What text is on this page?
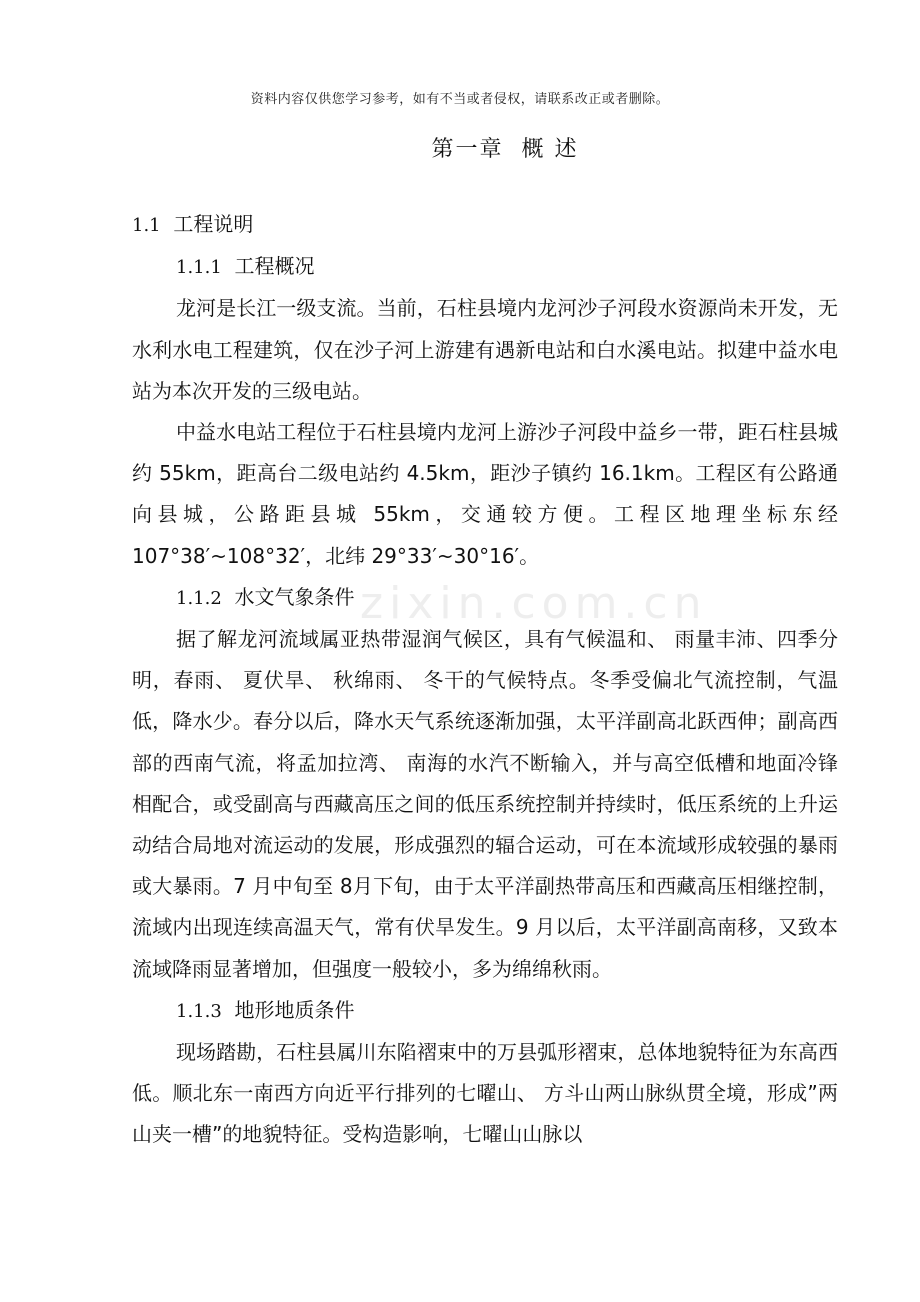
zixin.com.cn
资料内容仅供您学习参考，如有不当或者侵权，请联系改正或者删除。
第一章 概 述

1.1 工程说明

1.1.1 工程概况

龙河是长江一级支流。当前，石柱县境内龙河沙子河段水资源尚未开发，无水利水电工程建筑，仅在沙子河上游建有遇新电站和白水溪电站。拟建中益水电站为本次开发的三级电站。

中益水电站工程位于石柱县境内龙河上游沙子河段中益乡一带，距石柱县城约 55km，距高台二级电站约 4.5km，距沙子镇约 16.1km。工程区有公路通向县城，公路距县城 55km，交通较方便。工程区地理坐标东经 107°38′~108°32′，北纬 29°33′~30°16′。

1.1.2 水文气象条件

据了解龙河流域属亚热带湿润气候区，具有气候温和、 雨量丰沛、四季分明，春雨、 夏伏旱、 秋绵雨、 冬干的气候特点。冬季受偏北气流控制，气温低，降水少。春分以后，降水天气系统逐渐加强，太平洋副高北跃西伸；副高西部的西南气流，将孟加拉湾、 南海的水汽不断输入，并与高空低槽和地面冷锋相配合，或受副高与西藏高压之间的低压系统控制并持续时，低压系统的上升运动结合局地对流运动的发展，形成强烈的辐合运动，可在本流域形成较强的暴雨或大暴雨。7 月中旬至 8月下旬，由于太平洋副热带高压和西藏高压相继控制，流域内出现连续高温天气，常有伏旱发生。9 月以后，太平洋副高南移，又致本流域降雨显著增加，但强度一般较小，多为绵绵秋雨。

1.1.3 地形地质条件

现场踏勘，石柱县属川东陷褶束中的万县弧形褶束，总体地貌特征为东高西低。顺北东一南西方向近平行排列的七曜山、 方斗山两山脉纵贯全境，形成”两山夹一槽”的地貌特征。受构造影响，七曜山山脉以
